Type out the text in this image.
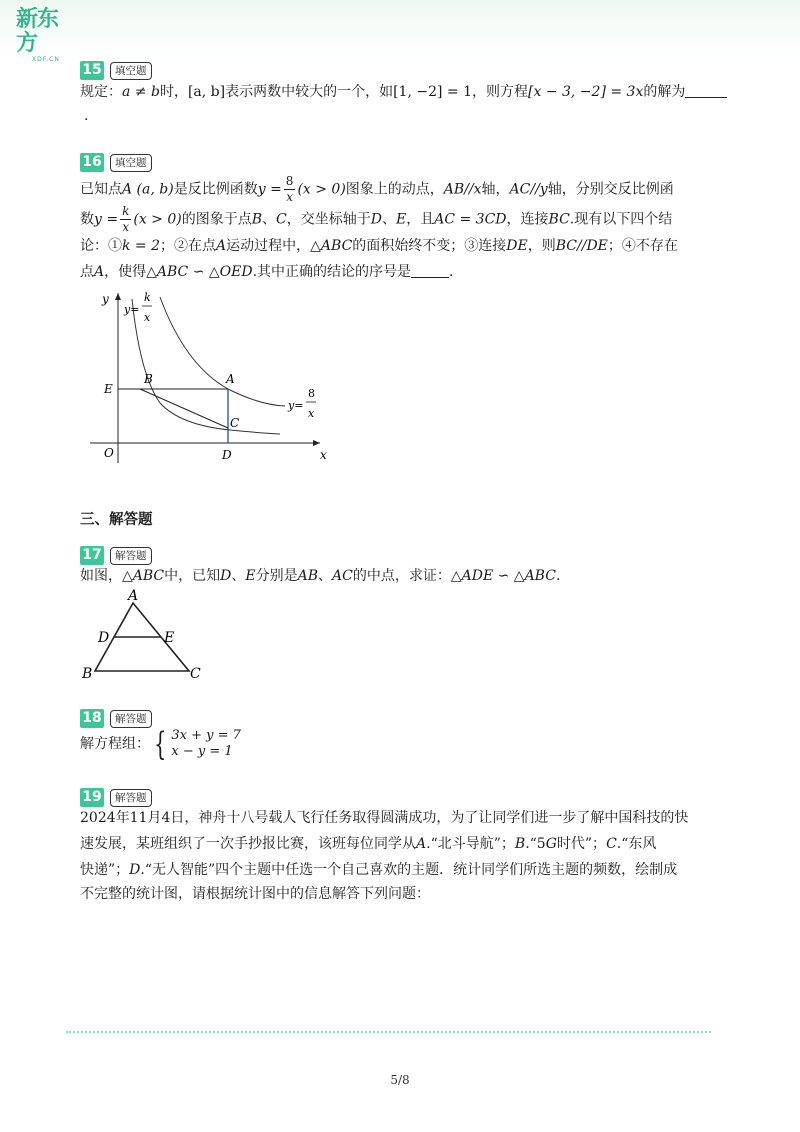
新东方
XDF.CN
15	填空题
规定：a ≠ b时，[a, b]表示两数中较大的一个，如[1, −2] = 1，则方程[x − 3, −2] = 3x的解为
.
16	填空题
已知点A (a, b)是反比例函数$y = \frac{8}{x} (x > 0)$图象上的动点，AB//x轴，AC//y轴，分别交反比例函
数$y = \frac{k}{x} (x > 0)$的图象于点B、C，交坐标轴于D、E，且AC = 3CD，连接BC.现有以下四个结
论：①k = 2；②在点A运动过程中，△ABC的面积始终不变；③连接DE，则BC//DE；④不存在
点A，使得△ABC ∽ △OED.其中正确的结论的序号是	.
y
x
O	D
E
A
B
C
y=
k
x
y=
8
x
三、解答题
17	解答题
如图，△ABC中，已知D、E分别是AB、AC的中点，求证：△ADE ∽ △ABC.
A
B	C
D	E
18	解答题
解方程组： { 3x + y = 7
x − y = 1
19	解答题
2024年11月4日，神舟十八号载人飞行任务取得圆满成功，为了让同学们进一步了解中国科技的快
速发展，某班组织了一次手抄报比赛，该班每位同学从A.“北斗导航”；B.“5G时代”；C.“东风
快递”；D.“无人智能”四个主题中任选一个自己喜欢的主题．统计同学们所选主题的频数，绘制成
不完整的统计图，请根据统计图中的信息解答下列问题：
5/8
